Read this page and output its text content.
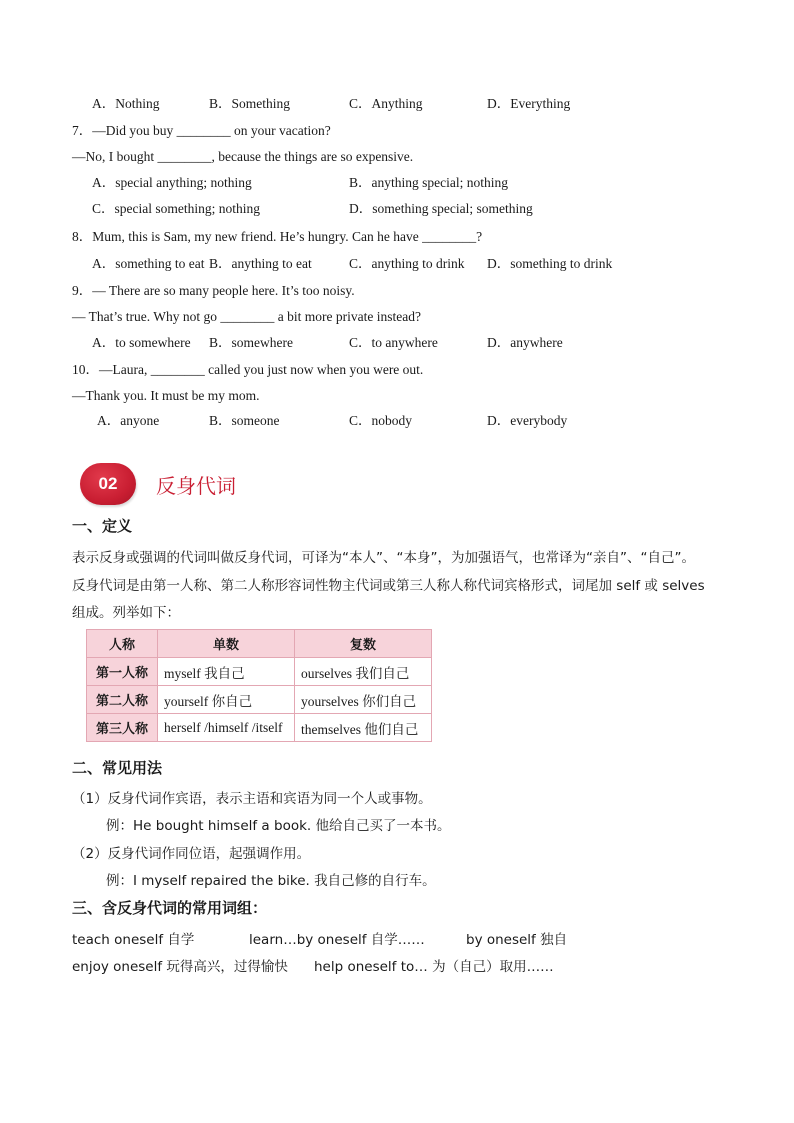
A．Nothing	B．Something	C．Anything	D．Everything
7．—Did you buy ________ on your vacation?
—No, I bought ________, because the things are so expensive.
A．special anything; nothing	B．anything special; nothing
C．special something; nothing	D．something special; something
8．Mum, this is Sam, my new friend. He’s hungry. Can he have ________?
A．something to eat B．anything to eat	C．anything to drink D．something to drink
9．— There are so many people here. It’s too noisy.
— That’s true. Why not go ________ a bit more private instead?
A．to somewhere B．somewhere	C．to anywhere	D．anywhere
10．—Laura, ________ called you just now when you were out.
—Thank you. It must be my mom.
A．anyone	B．someone	C．nobody	D．everybody
02	反身代词
一、定义
表示反身或强调的代词叫做反身代词，可译为“本人”、“本身”，为加强语气，也常译为“亲自”、“自己”。
反身代词是由第一人称、第二人称形容词性物主代词或第三人称人称代词宾格形式，词尾加 self 或 selves
组成。列举如下：
人称	单数	复数
第一人称	myself 我自己	ourselves 我们自己
第二人称	yourself 你自己	yourselves 你们自己
第三人称	herself /himself /itself	themselves 他们自己
二、常见用法
（1）反身代词作宾语，表示主语和宾语为同一个人或事物。
例：He bought himself a book. 他给自己买了一本书。
（2）反身代词作同位语，起强调作用。
例：I myself repaired the bike. 我自己修的自行车。
三、含反身代词的常用词组：
teach oneself 自学	learn…by oneself 自学……	by oneself 独自
enjoy oneself 玩得高兴，过得愉快 help oneself to… 为（自己）取用……
